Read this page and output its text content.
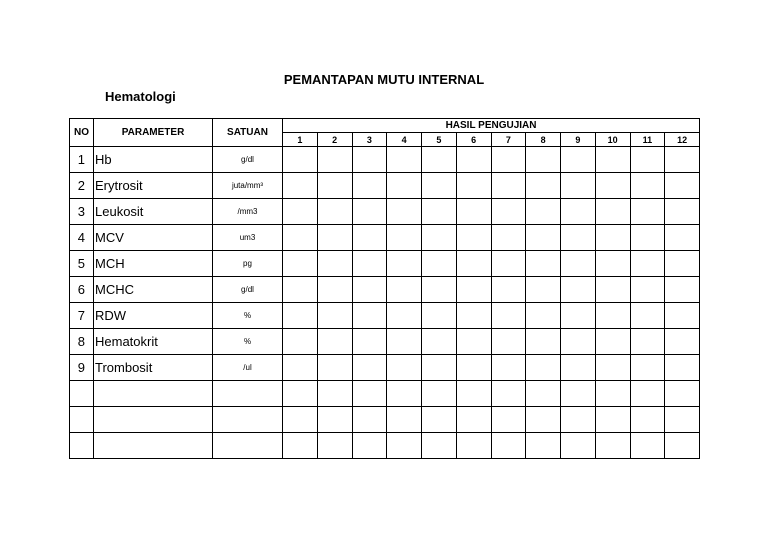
PEMANTAPAN MUTU INTERNAL
Hematologi
NO	PARAMETER	SATUAN	HASIL PENGUJIAN											
			1	2	3	4	5	6	7	8	9	10	11	12
1	Hb	g/dl												
2	Erytrosit	juta/mm³												
3	Leukosit	/mm3												
4	MCV	um3												
5	MCH	pg												
6	MCHC	g/dl												
7	RDW	%												
8	Hematokrit	%												
9	Trombosit	/ul												
